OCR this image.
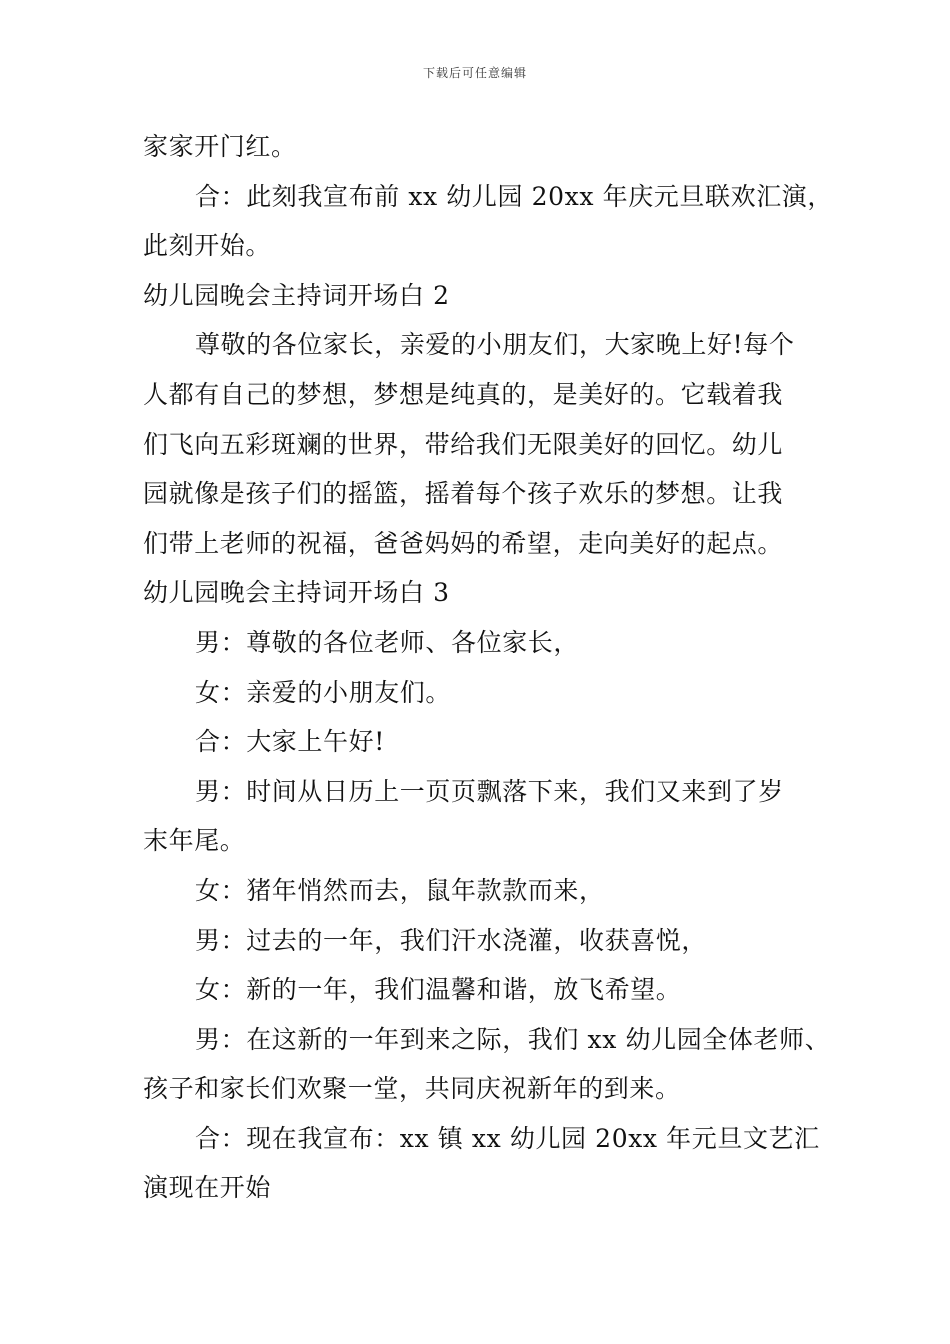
下载后可任意编辑
家家开门红。
合：此刻我宣布前 xx 幼儿园 20xx 年庆元旦联欢汇演，
此刻开始。
幼儿园晚会主持词开场白 2
尊敬的各位家长，亲爱的小朋友们，大家晚上好!每个
人都有自己的梦想，梦想是纯真的，是美好的。它载着我
们飞向五彩斑斓的世界，带给我们无限美好的回忆。幼儿
园就像是孩子们的摇篮，摇着每个孩子欢乐的梦想。让我
们带上老师的祝福，爸爸妈妈的希望，走向美好的起点。
幼儿园晚会主持词开场白 3
男：尊敬的各位老师、各位家长，
女：亲爱的小朋友们。
合：大家上午好!
男：时间从日历上一页页飘落下来，我们又来到了岁
末年尾。
女：猪年悄然而去，鼠年款款而来，
男：过去的一年，我们汗水浇灌，收获喜悦，
女：新的一年，我们温馨和谐，放飞希望。
男：在这新的一年到来之际，我们 xx 幼儿园全体老师、
孩子和家长们欢聚一堂，共同庆祝新年的到来。
合：现在我宣布：xx 镇 xx 幼儿园 20xx 年元旦文艺汇
演现在开始
